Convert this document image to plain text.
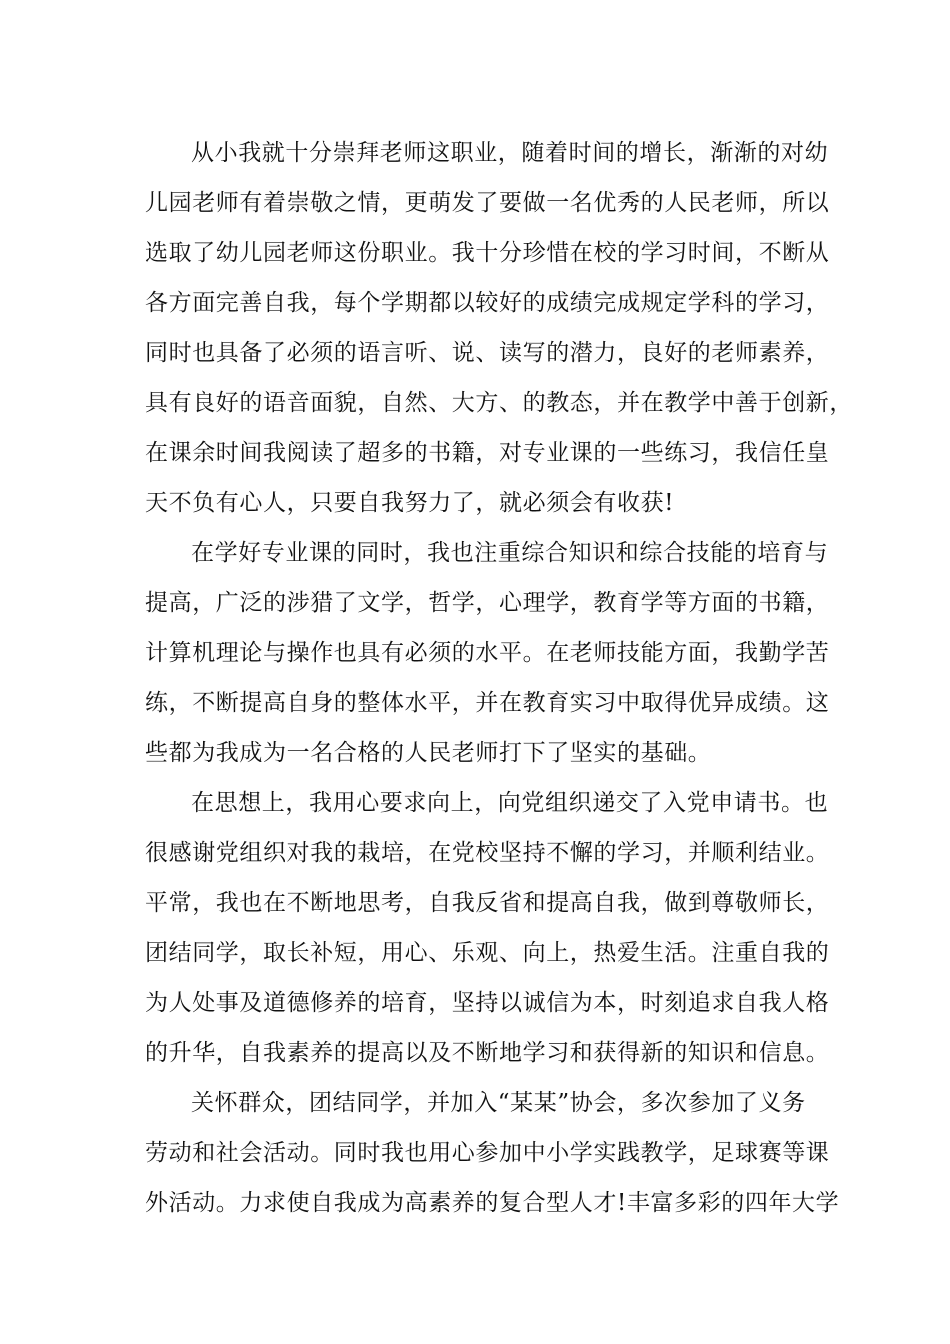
从小我就十分崇拜老师这职业，随着时间的增长，渐渐的对幼
儿园老师有着崇敬之情，更萌发了要做一名优秀的人民老师，所以
选取了幼儿园老师这份职业。我十分珍惜在校的学习时间，不断从
各方面完善自我，每个学期都以较好的成绩完成规定学科的学习，
同时也具备了必须的语言听、说、读写的潜力，良好的老师素养，
具有良好的语音面貌，自然、大方、的教态，并在教学中善于创新，
在课余时间我阅读了超多的书籍，对专业课的一些练习，我信任皇
天不负有心人，只要自我努力了，就必须会有收获!
在学好专业课的同时，我也注重综合知识和综合技能的培育与
提高，广泛的涉猎了文学，哲学，心理学，教育学等方面的书籍，
计算机理论与操作也具有必须的水平。在老师技能方面，我勤学苦
练，不断提高自身的整体水平，并在教育实习中取得优异成绩。这
些都为我成为一名合格的人民老师打下了坚实的基础。
在思想上，我用心要求向上，向党组织递交了入党申请书。也
很感谢党组织对我的栽培，在党校坚持不懈的学习，并顺利结业。
平常，我也在不断地思考，自我反省和提高自我，做到尊敬师长，
团结同学，取长补短，用心、乐观、向上，热爱生活。注重自我的
为人处事及道德修养的培育，坚持以诚信为本，时刻追求自我人格
的升华，自我素养的提高以及不断地学习和获得新的知识和信息。
关怀群众，团结同学，并加入“某某”协会，多次参加了义务
劳动和社会活动。同时我也用心参加中小学实践教学，足球赛等课
外活动。力求使自我成为高素养的复合型人才!丰富多彩的四年大学
